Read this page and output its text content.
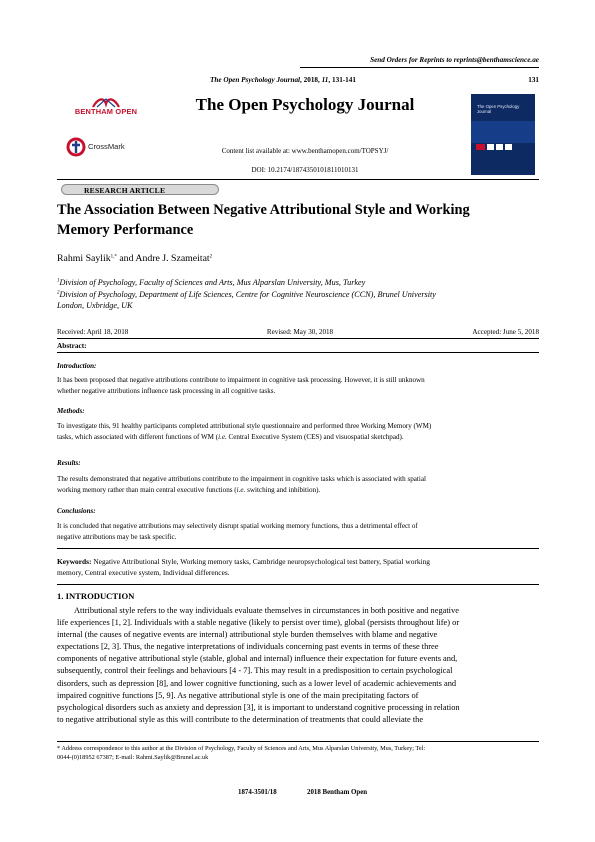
Send Orders for Reprints to reprints@benthamscience.ae
The Open Psychology Journal, 2018, 11, 131-141	131
BENTHAM OPEN
CrossMark
The Open Psychology Journal
Content list available at: www.benthamopen.com/TOPSYJ/
DOI: 10.2174/1874350101811010131
The Open Psychology Journal
RESEARCH ARTICLE
The Association Between Negative Attributional Style and Working
Memory Performance
Rahmi Saylik$^{1,*}$ and Andre J. Szameitat$^2$
$^1$Division of Psychology, Faculty of Sciences and Arts, Mus Alparslan University, Mus, Turkey
$^2$Division of Psychology, Department of Life Sciences, Centre for Cognitive Neuroscience (CCN), Brunel University
London, Uxbridge, UK
Received: April 18, 2018	Revised: May 30, 2018	Accepted: June 5, 2018
Abstract:
Introduction:
It has been proposed that negative attributions contribute to impairment in cognitive task processing. However, it is still unknown
whether negative attributions influence task processing in all cognitive tasks.
Methods:
To investigate this, 91 healthy participants completed attributional style questionnaire and performed three Working Memory (WM)
tasks, which associated with different functions of WM (i.e. Central Executive System (CES) and visuospatial sketchpad).
Results:
The results demonstrated that negative attributions contribute to the impairment in cognitive tasks which is associated with spatial
working memory rather than main central executive functions (i.e. switching and inhibition).
Conclusions:
It is concluded that negative attributions may selectively disrupt spatial working memory functions, thus a detrimental effect of
negative attributions may be task specific.
Keywords: Negative Attributional Style, Working memory tasks, Cambridge neuropsychological test battery, Spatial working
memory, Central executive system, Individual differences.
1. INTRODUCTION
Attributional style refers to the way individuals evaluate themselves in circumstances in both positive and negative
life experiences [1, 2]. Individuals with a stable negative (likely to persist over time), global (persists throughout life) or
internal (the causes of negative events are internal) attributional style burden themselves with blame and negative
expectations [2, 3]. Thus, the negative interpretations of individuals concerning past events in terms of these three
components of negative attributional style (stable, global and internal) influence their expectation for future events and,
subsequently, control their feelings and behaviours [4 - 7]. This may result in a predisposition to certain psychological
disorders, such as depression [8], and lower cognitive functioning, such as a lower level of academic achievements and
impaired cognitive functions [5, 9]. As negative attributional style is one of the main precipitating factors of
psychological disorders such as anxiety and depression [3], it is important to understand cognitive processing in relation
to negative attributional style as this will contribute to the determination of treatments that could alleviate the
* Address correspondence to this author at the Division of Psychology, Faculty of Sciences and Arts, Mus Alparslan University, Mus, Turkey; Tel:
0044-(0)18952 67387; E-mail: Rahmi.Saylik@Brunel.ac.uk
1874-3501/18	2018 Bentham Open
